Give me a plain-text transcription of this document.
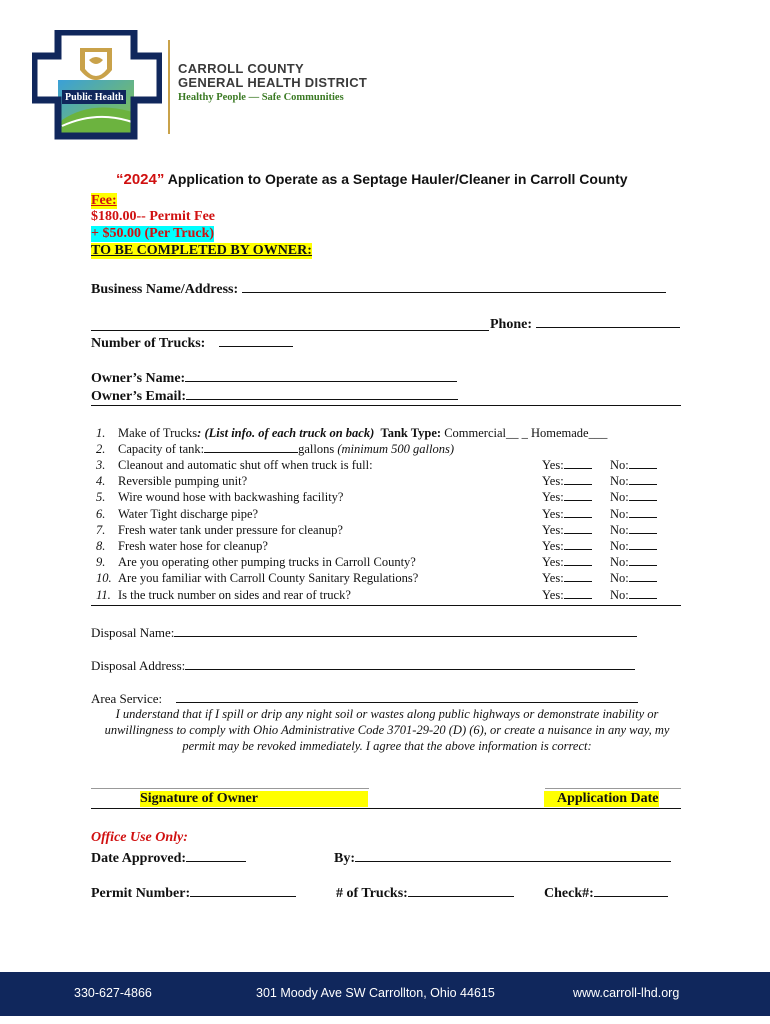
Public Health
CARROLL COUNTY
GENERAL HEALTH DISTRICT
Healthy People — Safe Communities
“2024” Application to Operate as a Septage Hauler/Cleaner in Carroll County
Fee:
$180.00-- Permit Fee
+ $50.00 (Per Truck)
TO BE COMPLETED BY OWNER:
Business Name/Address:
Phone:
Number of Trucks:
Owner’s Name:
Owner’s Email:
1. Make of Trucks: (List info. of each truck on back) Tank Type: Commercial__ _ Homemade___
2. Capacity of tank:	gallons (minimum 500 gallons)
3. Cleanout and automatic shut off when truck is full:	Yes:	No:
4. Reversible pumping unit?	Yes:	No:
5. Wire wound hose with backwashing facility?	Yes:	No:
6. Water Tight discharge pipe?	Yes:	No:
7. Fresh water tank under pressure for cleanup?	Yes:	No:
8. Fresh water hose for cleanup?	Yes:	No:
9. Are you operating other pumping trucks in Carroll County?	Yes:	No:
10. Are you familiar with Carroll County Sanitary Regulations?	Yes:	No:
11. Is the truck number on sides and rear of truck?	Yes:	No:
Disposal Name:
Disposal Address:
Area Service:
I understand that if I spill or drip any night soil or wastes along public highways or demonstrate inability or unwillingness to comply with Ohio Administrative Code 3701-29-20 (D) (6), or create a nuisance in any way, my permit may be revoked immediately. I agree that the above information is correct:
Signature of Owner	Application Date
Office Use Only:
Date Approved:	By:
Permit Number:	# of Trucks:	Check#:
330-627-4866	301 Moody Ave SW Carrollton, Ohio 44615	www.carroll-lhd.org
